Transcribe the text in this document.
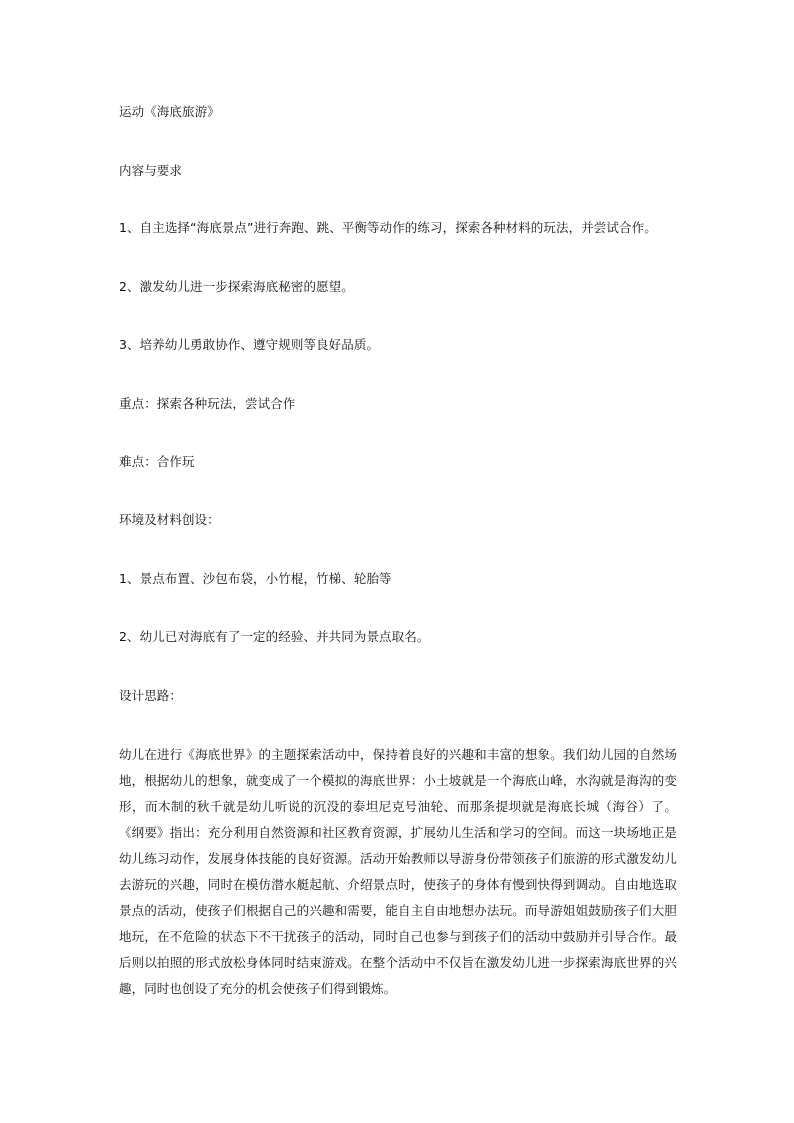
运动《海底旅游》
内容与要求
1、自主选择“海底景点”进行奔跑、跳、平衡等动作的练习，探索各种材料的玩法，并尝试合作。
2、激发幼儿进一步探索海底秘密的愿望。
3、培养幼儿勇敢协作、遵守规则等良好品质。
重点：探索各种玩法，尝试合作
难点：合作玩
环境及材料创设：
1、景点布置、沙包布袋，小竹棍，竹梯、轮胎等
2、幼儿已对海底有了一定的经验、并共同为景点取名。
设计思路：
幼儿在进行《海底世界》的主题探索活动中，保持着良好的兴趣和丰富的想象。我们幼儿园的自然场地，根据幼儿的想象，就变成了一个模拟的海底世界：小土坡就是一个海底山峰，水沟就是海沟的变形，而木制的秋千就是幼儿听说的沉没的泰坦尼克号油轮、而那条提坝就是海底长城（海谷）了。《纲要》指出：充分利用自然资源和社区教育资源，扩展幼儿生活和学习的空间。而这一块场地正是幼儿练习动作，发展身体技能的良好资源。活动开始教师以导游身份带领孩子们旅游的形式激发幼儿去游玩的兴趣，同时在模仿潜水艇起航、介绍景点时，使孩子的身体有慢到快得到调动。自由地选取景点的活动，使孩子们根据自己的兴趣和需要，能自主自由地想办法玩。而导游姐姐鼓励孩子们大胆地玩，在不危险的状态下不干扰孩子的活动，同时自己也参与到孩子们的活动中鼓励并引导合作。最后则以拍照的形式放松身体同时结束游戏。在整个活动中不仅旨在激发幼儿进一步探索海底世界的兴趣，同时也创设了充分的机会使孩子们得到锻炼。
